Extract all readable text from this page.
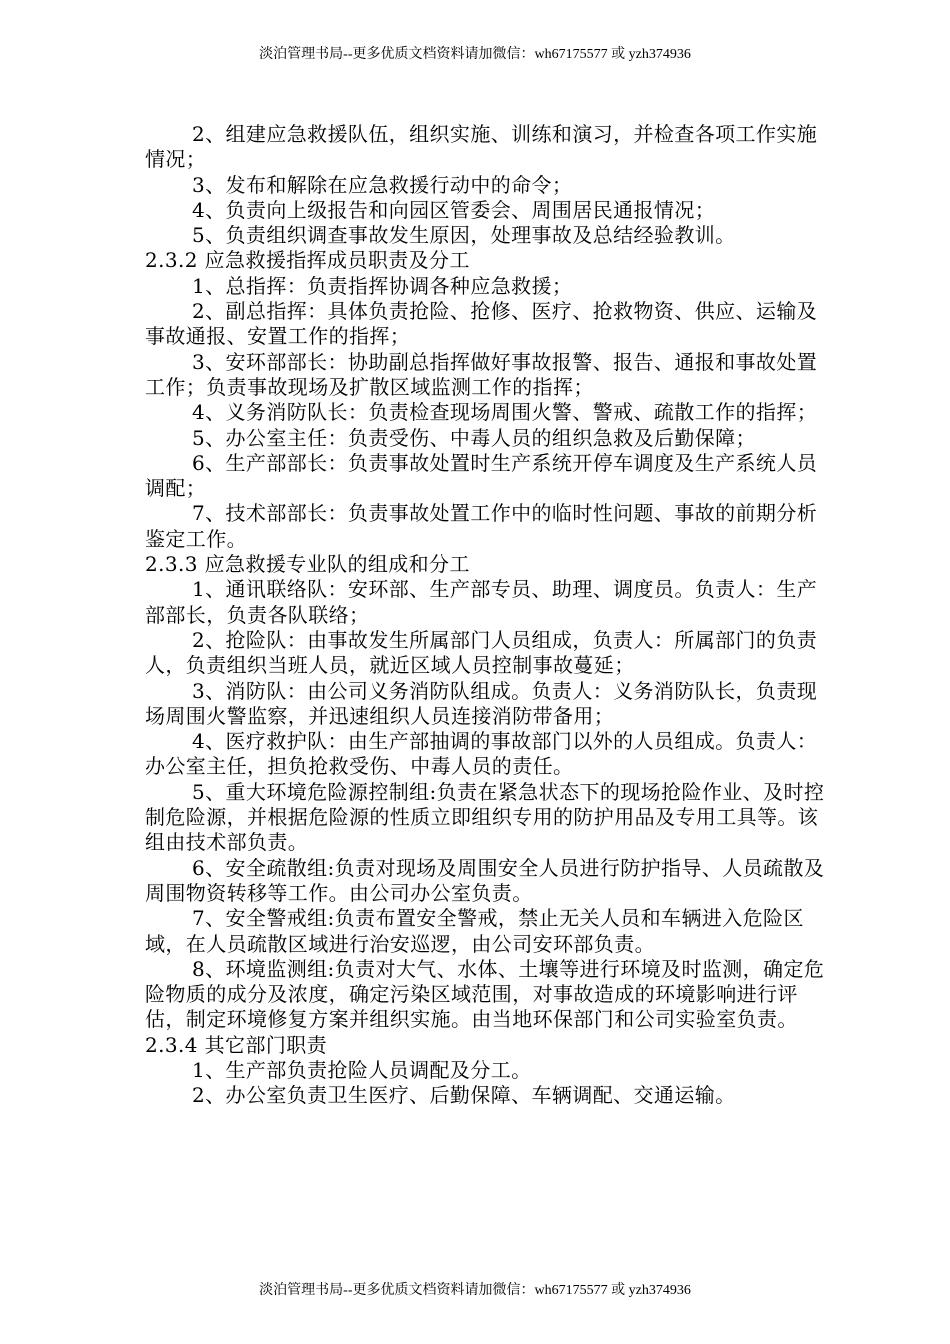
淡泊管理书局--更多优质文档资料请加微信：wh67175577 或 yzh374936

2、组建应急救援队伍，组织实施、训练和演习，并检查各项工作实施情况；

3、发布和解除在应急救援行动中的命令；

4、负责向上级报告和向园区管委会、周围居民通报情况；

5、负责组织调查事故发生原因，处理事故及总结经验教训。

2.3.2 应急救援指挥成员职责及分工

1、总指挥：负责指挥协调各种应急救援；

2、副总指挥：具体负责抢险、抢修、医疗、抢救物资、供应、运输及事故通报、安置工作的指挥；

3、安环部部长：协助副总指挥做好事故报警、报告、通报和事故处置工作；负责事故现场及扩散区域监测工作的指挥；

4、义务消防队长：负责检查现场周围火警、警戒、疏散工作的指挥；

5、办公室主任：负责受伤、中毒人员的组织急救及后勤保障；

6、生产部部长：负责事故处置时生产系统开停车调度及生产系统人员调配；

7、技术部部长：负责事故处置工作中的临时性问题、事故的前期分析鉴定工作。

2.3.3 应急救援专业队的组成和分工

1、通讯联络队：安环部、生产部专员、助理、调度员。负责人：生产部部长，负责各队联络；

2、抢险队：由事故发生所属部门人员组成，负责人：所属部门的负责人，负责组织当班人员，就近区域人员控制事故蔓延；

3、消防队：由公司义务消防队组成。负责人：义务消防队长，负责现场周围火警监察，并迅速组织人员连接消防带备用；

4、医疗救护队：由生产部抽调的事故部门以外的人员组成。负责人：办公室主任，担负抢救受伤、中毒人员的责任。

5、重大环境危险源控制组:负责在紧急状态下的现场抢险作业、及时控制危险源，并根据危险源的性质立即组织专用的防护用品及专用工具等。该组由技术部负责。

6、安全疏散组:负责对现场及周围安全人员进行防护指导、人员疏散及周围物资转移等工作。由公司办公室负责。

7、安全警戒组:负责布置安全警戒，禁止无关人员和车辆进入危险区域，在人员疏散区域进行治安巡逻，由公司安环部负责。

8、环境监测组:负责对大气、水体、土壤等进行环境及时监测，确定危险物质的成分及浓度，确定污染区域范围，对事故造成的环境影响进行评估，制定环境修复方案并组织实施。由当地环保部门和公司实验室负责。

2.3.4 其它部门职责

1、生产部负责抢险人员调配及分工。

2、办公室负责卫生医疗、后勤保障、车辆调配、交通运输。

淡泊管理书局--更多优质文档资料请加微信：wh67175577 或 yzh374936
